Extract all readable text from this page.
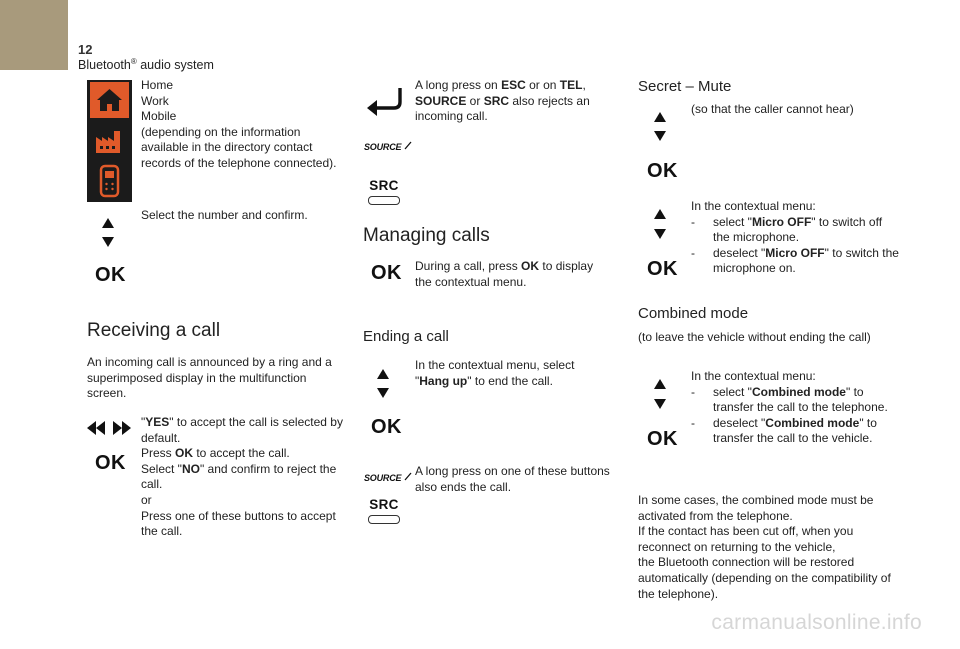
12
Bluetooth® audio system
Home
Work
Mobile
(depending on the information available in the directory contact records of the telephone connected).
OK
Select the number and confirm.
Receiving a call
An incoming call is announced by a ring and a superimposed display in the multifunction screen.
OK
"YES" to accept the call is selected by default.
Press OK to accept the call.
Select "NO" and confirm to reject the call.
or
Press one of these buttons to accept the call.
SOURCE
SRC
A long press on ESC or on TEL, SOURCE or SRC also rejects an incoming call.
Managing calls
OK During a call, press OK to display the contextual menu.
Ending a call
OK
In the contextual menu, select "Hang up" to end the call.
SOURCE
SRC
A long press on one of these buttons also ends the call.
Secret – Mute
(so that the caller cannot hear)
OK
OK
In the contextual menu:
-	select "Micro OFF" to switch off the microphone.
-	deselect "Micro OFF" to switch the microphone on.
Combined mode
(to leave the vehicle without ending the call)
OK
In the contextual menu:
-	select "Combined mode" to transfer the call to the telephone.
-	deselect "Combined mode" to transfer the call to the vehicle.
In some cases, the combined mode must be
activated from the telephone.
If the contact has been cut off, when you
reconnect on returning to the vehicle,
the Bluetooth connection will be restored
automatically (depending on the compatibility of
the telephone).
carmanualsonline.info
